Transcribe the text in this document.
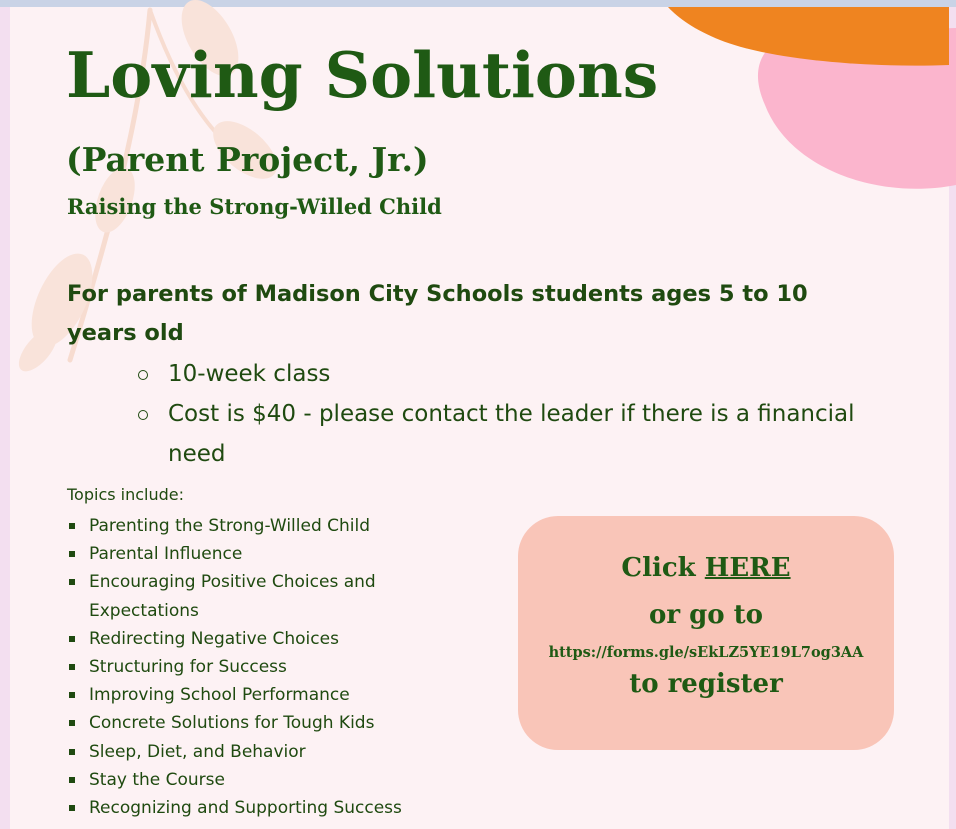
Loving Solutions
(Parent Project, Jr.)
Raising the Strong-Willed Child

For parents of Madison City Schools students ages 5 to 10 years old

10-week class
Cost is $40 - please contact the leader if there is a financial need

Topics include:

Parenting the Strong-Willed Child
Parental Influence
Encouraging Positive Choices and Expectations
Redirecting Negative Choices
Structuring for Success
Improving School Performance
Concrete Solutions for Tough Kids
Sleep, Diet, and Behavior
Stay the Course
Recognizing and Supporting Success
Click HERE
or go to
https://forms.gle/sEkLZ5YE19L7og3AA
to register
